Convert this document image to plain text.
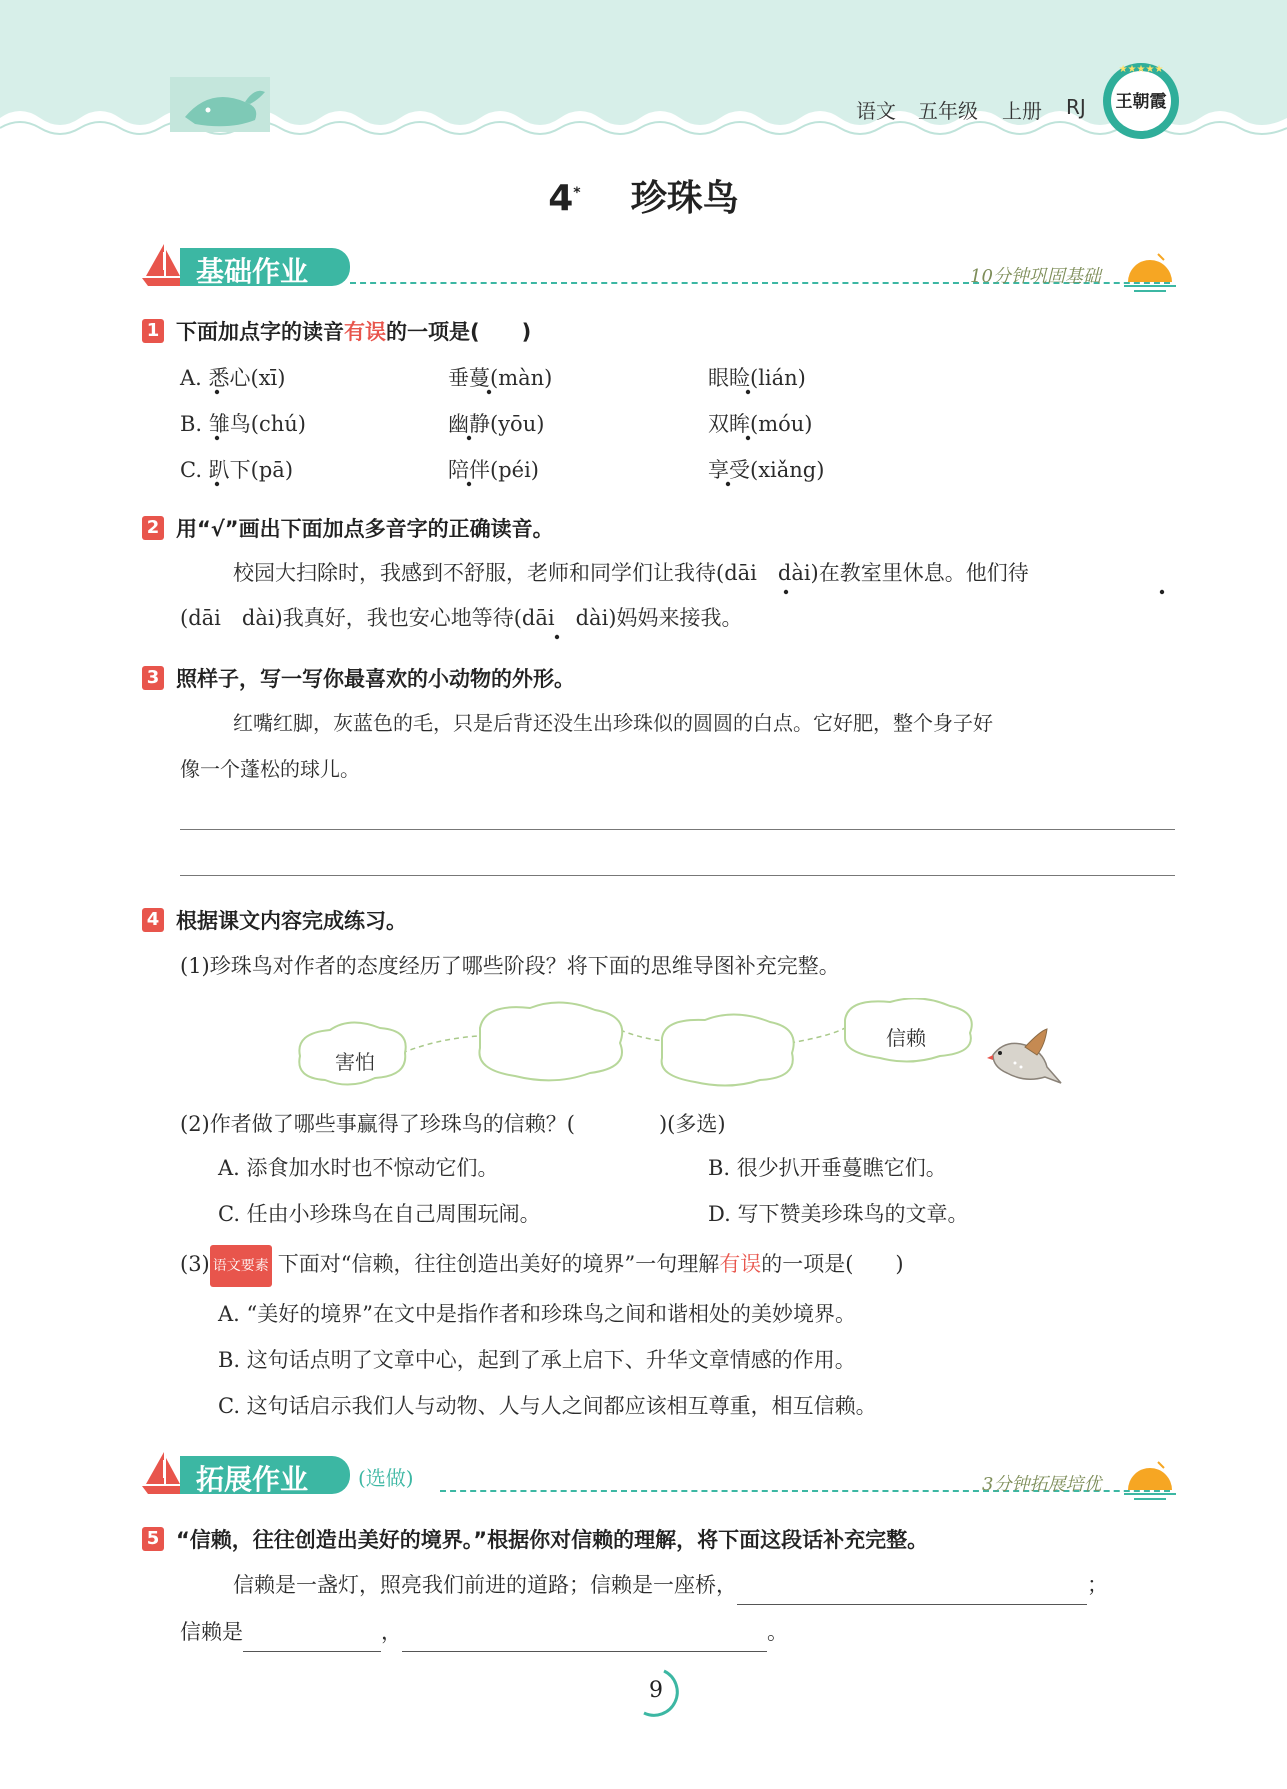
语文 五年级 上册 RJ
★★★★★
王朝霞
4* 珍珠鸟
基础作业	10分钟巩固基础
1 下面加点字的读音有误的一项是(　　)
A. 悉心(xī)	垂蔓(màn)	眼睑(lián)
B. 雏鸟(chú)	幽静(yōu)	双眸(móu)
C. 趴下(pā)	陪伴(péi)	享受(xiǎng)
2 用“√”画出下面加点多音字的正确读音。
校园大扫除时，我感到不舒服，老师和同学们让我待(dāi　dài)在教室里休息。他们待
(dāi　dài)我真好，我也安心地等待(dāi　dài)妈妈来接我。
3 照样子，写一写你最喜欢的小动物的外形。
红嘴红脚，灰蓝色的毛，只是后背还没生出珍珠似的圆圆的白点。它好肥，整个身子好
像一个蓬松的球儿。
4 根据课文内容完成练习。
(1)珍珠鸟对作者的态度经历了哪些阶段？将下面的思维导图补充完整。
害怕
信赖
(2)作者做了哪些事赢得了珍珠鸟的信赖？(　　　　)(多选)
A. 添食加水时也不惊动它们。	B. 很少扒开垂蔓瞧它们。
C. 任由小珍珠鸟在自己周围玩闹。	D. 写下赞美珍珠鸟的文章。
(3) 语文要素 下面对“信赖，往往创造出美好的境界”一句理解有误的一项是(　　)
A. “美好的境界”在文中是指作者和珍珠鸟之间和谐相处的美妙境界。
B. 这句话点明了文章中心，起到了承上启下、升华文章情感的作用。
C. 这句话启示我们人与动物、人与人之间都应该相互尊重，相互信赖。
拓展作业 (选做)	3分钟拓展培优
5 “信赖，往往创造出美好的境界。”根据你对信赖的理解，将下面这段话补充完整。
信赖是一盏灯，照亮我们前进的道路；信赖是一座桥，	；
信赖是	，	。
9
